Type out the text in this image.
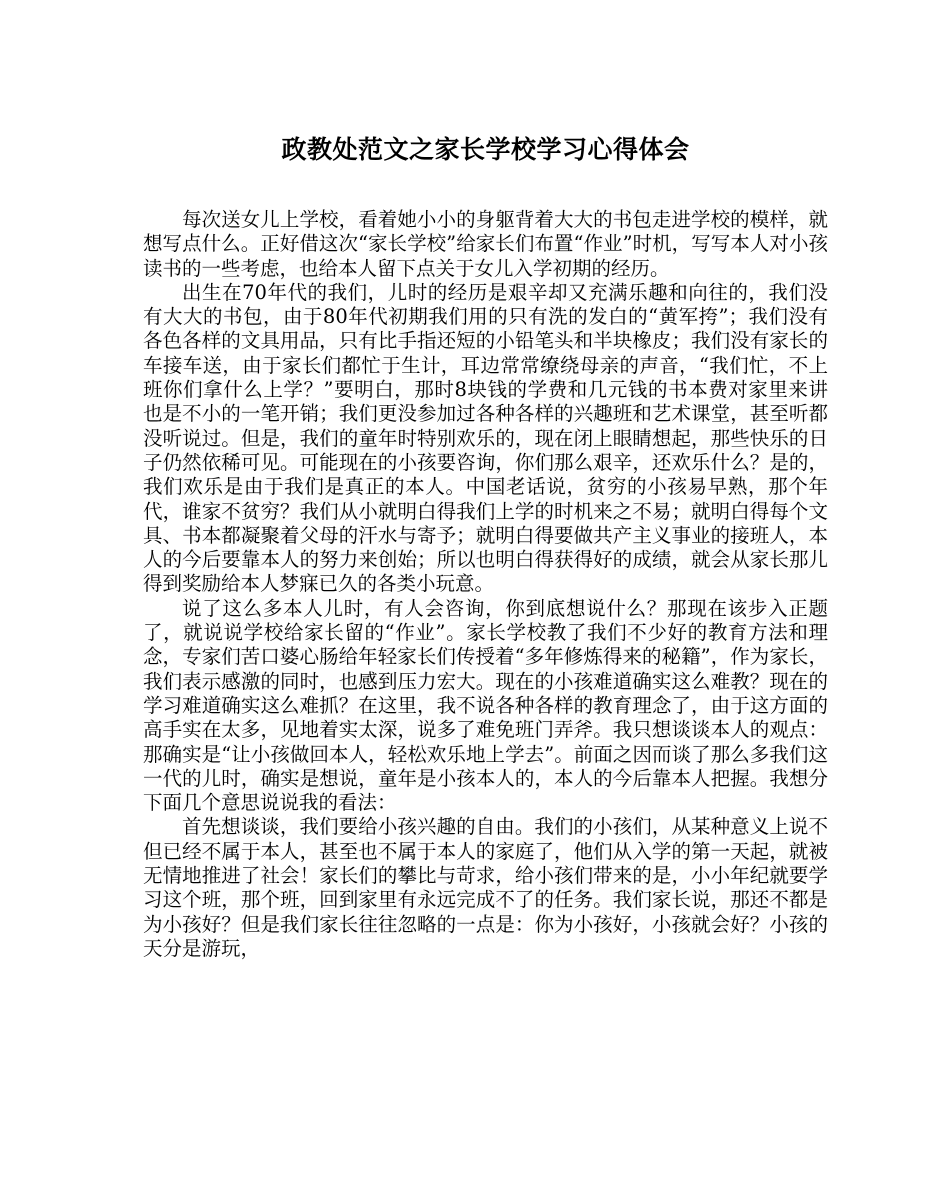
政教处范文之家长学校学习心得体会

每次送女儿上学校，看着她小小的身躯背着大大的书包走进学校的模样，就想写点什么。正好借这次“家长学校”给家长们布置“作业”时机，写写本人对小孩读书的一些考虑，也给本人留下点关于女儿入学初期的经历。

出生在70年代的我们，儿时的经历是艰辛却又充满乐趣和向往的，我们没有大大的书包，由于80年代初期我们用的只有洗的发白的“黄军挎”；我们没有各色各样的文具用品，只有比手指还短的小铅笔头和半块橡皮；我们没有家长的车接车送，由于家长们都忙于生计，耳边常常缭绕母亲的声音，“我们忙，不上班你们拿什么上学？”要明白，那时8块钱的学费和几元钱的书本费对家里来讲也是不小的一笔开销；我们更没参加过各种各样的兴趣班和艺术课堂，甚至听都没听说过。但是，我们的童年时特别欢乐的，现在闭上眼睛想起，那些快乐的日子仍然依稀可见。可能现在的小孩要咨询，你们那么艰辛，还欢乐什么？是的，我们欢乐是由于我们是真正的本人。中国老话说，贫穷的小孩易早熟，那个年代，谁家不贫穷？我们从小就明白得我们上学的时机来之不易；就明白得每个文具、书本都凝聚着父母的汗水与寄予；就明白得要做共产主义事业的接班人，本人的今后要靠本人的努力来创始；所以也明白得获得好的成绩，就会从家长那儿得到奖励给本人梦寐已久的各类小玩意。

说了这么多本人儿时，有人会咨询，你到底想说什么？那现在该步入正题了，就说说学校给家长留的“作业”。家长学校教了我们不少好的教育方法和理念，专家们苦口婆心肠给年轻家长们传授着“多年修炼得来的秘籍”，作为家长，我们表示感激的同时，也感到压力宏大。现在的小孩难道确实这么难教？现在的学习难道确实这么难抓？在这里，我不说各种各样的教育理念了，由于这方面的高手实在太多，见地着实太深，说多了难免班门弄斧。我只想谈谈本人的观点：那确实是“让小孩做回本人，轻松欢乐地上学去”。前面之因而谈了那么多我们这一代的儿时，确实是想说，童年是小孩本人的，本人的今后靠本人把握。我想分下面几个意思说说我的看法：

首先想谈谈，我们要给小孩兴趣的自由。我们的小孩们，从某种意义上说不但已经不属于本人，甚至也不属于本人的家庭了，他们从入学的第一天起，就被无情地推进了社会！家长们的攀比与苛求，给小孩们带来的是，小小年纪就要学习这个班，那个班，回到家里有永远完成不了的任务。我们家长说，那还不都是为小孩好？但是我们家长往往忽略的一点是：你为小孩好，小孩就会好？小孩的天分是游玩，
